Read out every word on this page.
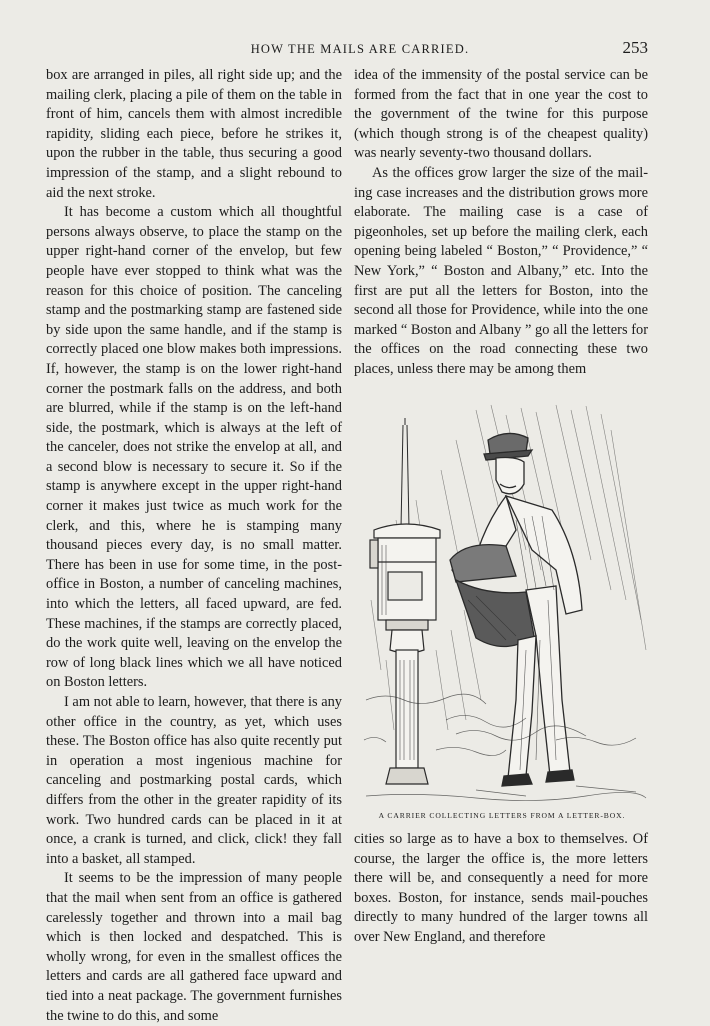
HOW THE MAILS ARE CARRIED.	253

box are arranged in piles, all right side up; and the mailing clerk, placing a pile of them on the table in front of him, cancels them with almost incredible rapidity, sliding each piece, before he strikes it, upon the rubber in the table, thus securing a good impression of the stamp, and a slight rebound to aid the next stroke.

It has become a custom which all thoughtful persons always observe, to place the stamp on the upper right-hand corner of the envelop, but few people have ever stopped to think what was the reason for this choice of position. The canceling stamp and the postmarking stamp are fastened side by side upon the same handle, and if the stamp is correctly placed one blow makes both impressions. If, however, the stamp is on the lower right-hand corner the postmark falls on the address, and both are blurred, while if the stamp is on the left-hand side, the postmark, which is always at the left of the canceler, does not strike the envelop at all, and a second blow is necessary to secure it. So if the stamp is anywhere except in the upper right-hand corner it makes just twice as much work for the clerk, and this, where he is stamping many thousand pieces every day, is no small matter. There has been in use for some time, in the post-office in Boston, a number of canceling machines, into which the letters, all faced upward, are fed. These machines, if the stamps are correctly placed, do the work quite well, leaving on the envelop the row of long black lines which we all have noticed on Boston letters.

I am not able to learn, however, that there is any other office in the country, as yet, which uses these. The Boston office has also quite recently put in operation a most ingenious machine for canceling and postmarking postal cards, which differs from the other in the greater rapidity of its work. Two hundred cards can be placed in it at once, a crank is turned, and click, click! they fall into a basket, all stamped.

It seems to be the impression of many people that the mail when sent from an office is gathered carelessly together and thrown into a mail bag which is then locked and despatched. This is wholly wrong, for even in the smallest offices the letters and cards are all gathered face upward and tied into a neat package. The government furnishes the twine to do this, and some

idea of the immensity of the postal service can be formed from the fact that in one year the cost to the government of the twine for this purpose (which though strong is of the cheapest quality) was nearly seventy-two thousand dollars.

As the offices grow larger the size of the mailing case increases and the distribution grows more elaborate. The mailing case is a case of pigeonholes, set up before the mailing clerk, each opening being labeled “ Boston,” “ Providence,” “ New York,” “ Boston and Albany,” etc. Into the first are put all the letters for Boston, into the second all those for Providence, while into the one marked “ Boston and Albany ” go all the letters for the offices on the road connecting these two places, unless there may be among them

A CARRIER COLLECTING LETTERS FROM A LETTER-BOX.

cities so large as to have a box to themselves. Of course, the larger the office is, the more letters there will be, and consequently a need for more boxes. Boston, for instance, sends mail-pouches directly to many hundred of the larger towns all over New England, and therefore
